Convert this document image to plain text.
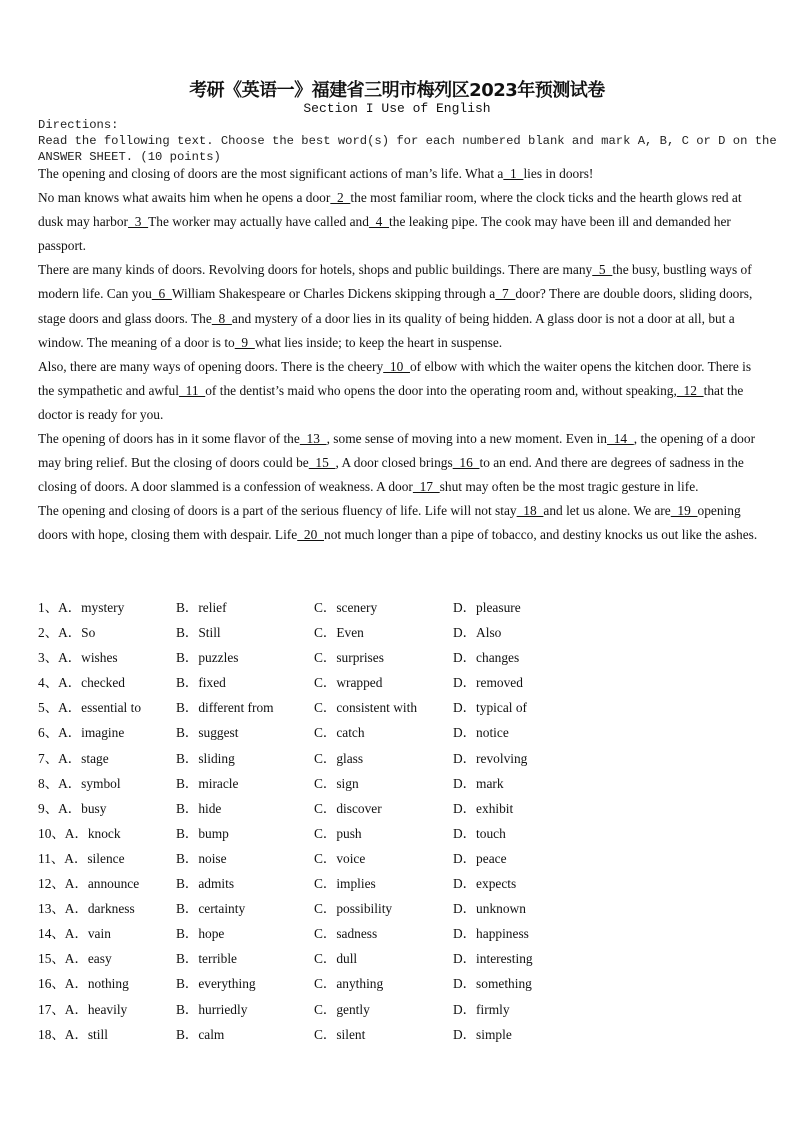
考研《英语一》福建省三明市梅列区2023年预测试卷
Section I Use of English
Directions:
Read the following text. Choose the best word(s) for each numbered blank and mark A, B, C or D on the
ANSWER SHEET. (10 points)

The opening and closing of doors are the most significant actions of man’s life. What a  1  lies in doors!

No man knows what awaits him when he opens a door  2  the most familiar room, where the clock ticks and the hearth glows red at dusk may harbor  3  The worker may actually have called and  4  the leaking pipe. The cook may have been ill and demanded her passport.

There are many kinds of doors. Revolving doors for hotels, shops and public buildings. There are many  5  the busy, bustling ways of modern life. Can you  6  William Shakespeare or Charles Dickens skipping through a  7  door? There are double doors, sliding doors, stage doors and glass doors. The  8  and mystery of a door lies in its quality of being hidden. A glass door is not a door at all, but a window. The meaning of a door is to  9  what lies inside; to keep the heart in suspense.

Also, there are many ways of opening doors. There is the cheery  10  of elbow with which the waiter opens the kitchen door. There is the sympathetic and awful  11  of the dentist’s maid who opens the door into the operating room and, without speaking,  12  that the doctor is ready for you.

The opening of doors has in it some flavor of the  13  , some sense of moving into a new moment. Even in  14  , the opening of a door may bring relief. But the closing of doors could be  15  , A door closed brings  16  to an end. And there are degrees of sadness in the closing of doors. A door slammed is a confession of weakness. A door  17  shut may often be the most tragic gesture in life.

The opening and closing of doors is a part of the serious fluency of life. Life will not stay  18  and let us alone. We are  19  opening doors with hope, closing them with despair. Life  20  not much longer than a pipe of tobacco, and destiny knocks us out like the ashes.

1、A．mystery	B．relief	C．scenery	D．pleasure
2、A．So	B．Still	C．Even	D．Also
3、A．wishes	B．puzzles	C．surprises	D．changes
4、A．checked	B．fixed	C．wrapped	D．removed
5、A．essential to	B．different from	C．consistent with	D．typical of
6、A．imagine	B．suggest	C．catch	D．notice
7、A．stage	B．sliding	C．glass	D．revolving
8、A．symbol	B．miracle	C．sign	D．mark
9、A．busy	B．hide	C．discover	D．exhibit
10、A．knock	B．bump	C．push	D．touch
11、A．silence	B．noise	C．voice	D．peace
12、A．announce	B．admits	C．implies	D．expects
13、A．darkness	B．certainty	C．possibility	D．unknown
14、A．vain	B．hope	C．sadness	D．happiness
15、A．easy	B．terrible	C．dull	D．interesting
16、A．nothing	B．everything	C．anything	D．something
17、A．heavily	B．hurriedly	C．gently	D．firmly
18、A．still	B．calm	C．silent	D．simple
